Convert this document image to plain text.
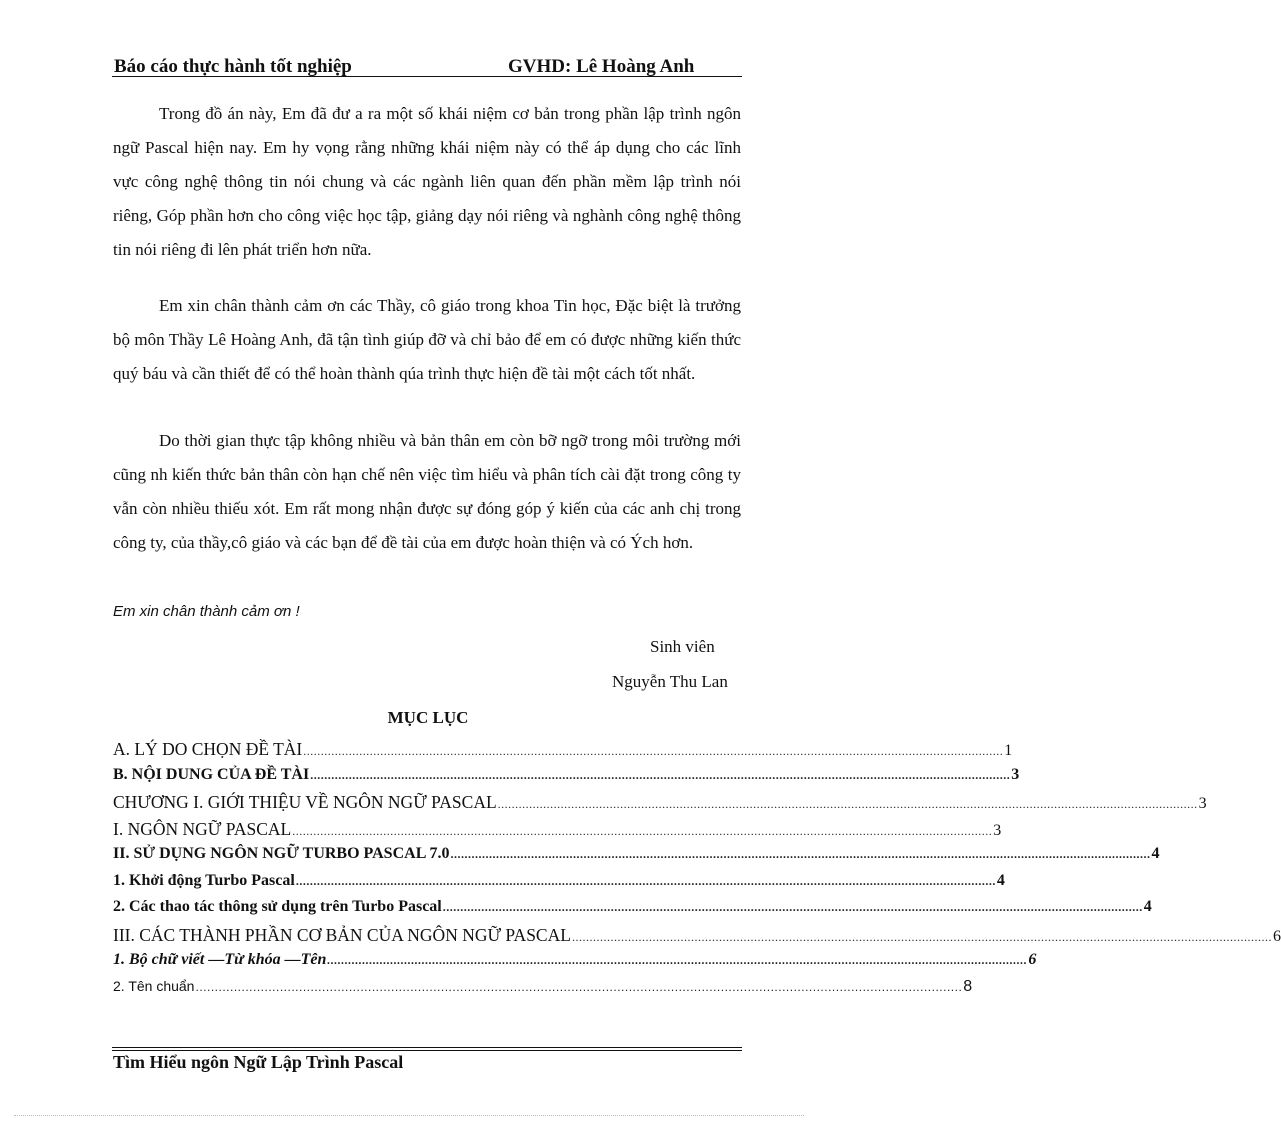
Báo cáo thực hành tốt nghiệp	GVHD: Lê Hoàng Anh

Trong đồ án này, Em đã đư a ra một số khái niệm cơ bản trong phần lập trình ngôn ngữ Pascal hiện nay. Em hy vọng rằng những khái niệm này có thể áp dụng cho các lĩnh vực công nghệ thông tin nói chung và các ngành liên quan đến phần mềm lập trình nói riêng, Góp phần hơn cho công việc học tập, giảng dạy nói riêng và nghành công nghệ thông tin nói riêng đi lên phát triển hơn nữa.

Em xin chân thành cảm ơn các Thầy, cô giáo trong khoa Tin học, Đặc biệt là trưởng bộ môn Thầy Lê Hoàng Anh, đã tận tình giúp đỡ và chỉ bảo để em có được những kiến thức quý báu và cần thiết để có thể hoàn thành qúa trình thực hiện đề tài một cách tốt nhất.

Do thời gian thực tập không nhiều và bản thân em còn bỡ ngỡ trong môi trường mới cũng nh kiến thức bản thân còn hạn chế nên việc tìm hiểu và phân tích cài đặt trong công ty vẫn còn nhiều thiếu xót. Em rất mong nhận được sự đóng góp ý kiến của các anh chị trong công ty, của thầy,cô giáo và các bạn để đề tài của em được hoàn thiện và có Ých hơn.

Em xin chân thành cảm ơn !
Sinh viên
Nguyễn Thu Lan
MỤC LỤC
A. LÝ DO CHỌN ĐỀ TÀI ........................................................................................................................................................................................................ 1
B. NỘI DUNG CỦA ĐỀ TÀI ........................................................................................................................................................................................................ 3
CHƯƠNG I. GIỚI THIỆU VỀ NGÔN NGỮ PASCAL ........................................................................................................................................................................................................ 3
I. NGÔN NGỮ PASCAL ........................................................................................................................................................................................................ 3
II. SỬ DỤNG NGÔN NGỮ TURBO PASCAL 7.0 ........................................................................................................................................................................................................ 4
1. Khởi động Turbo Pascal ........................................................................................................................................................................................................ 4
2. Các thao tác thông sử dụng trên Turbo Pascal ........................................................................................................................................................................................................ 4
III. CÁC THÀNH PHẦN CƠ BẢN CỦA NGÔN NGỮ PASCAL ........................................................................................................................................................................................................ 6
1. Bộ chữ viết —Từ khóa —Tên ........................................................................................................................................................................................................ 6
2. Tên chuẩn ........................................................................................................................................................................................................ 8
Tìm Hiểu ngôn Ngữ Lập Trình Pascal
